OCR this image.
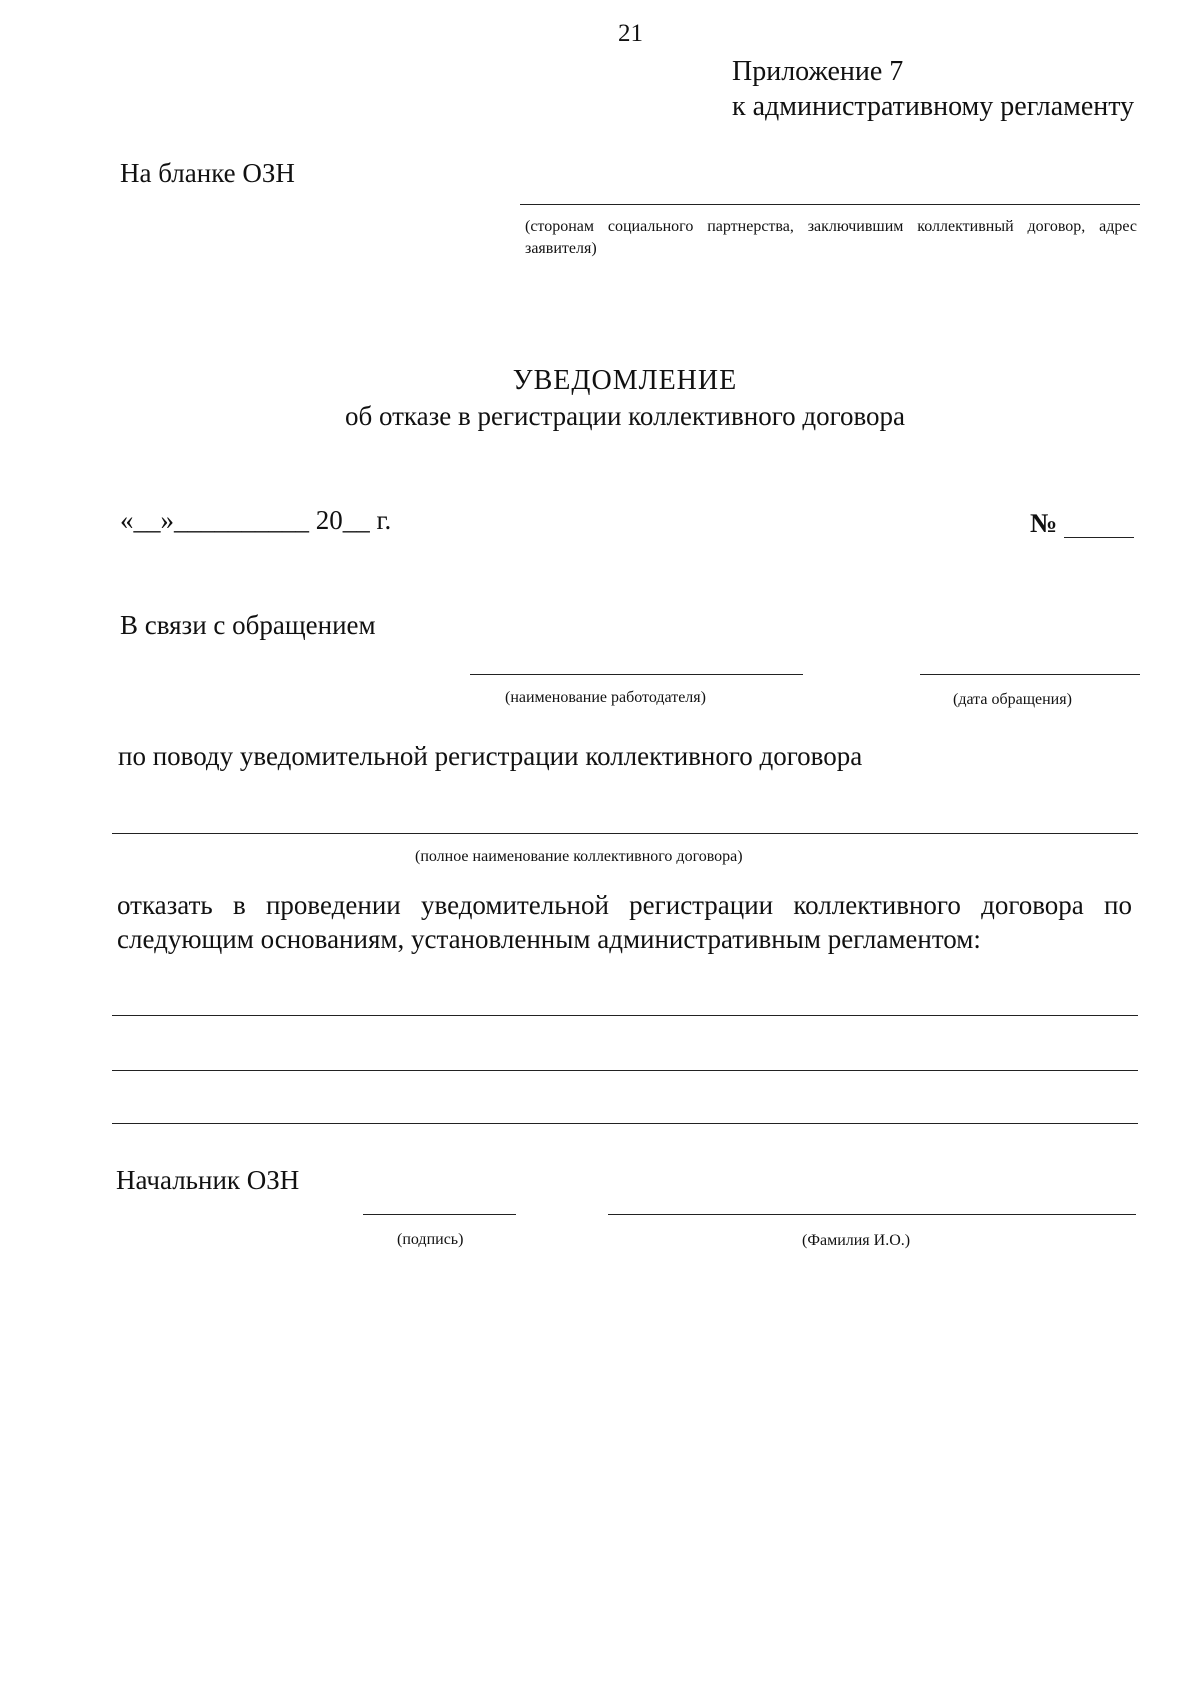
21
Приложение 7
к административному регламенту
На бланке ОЗН
(сторонам социального партнерства, заключившим коллективный договор, адрес заявителя)
УВЕДОМЛЕНИЕ
об отказе в регистрации коллективного договора
«__»__________ 20__ г.	№
В связи с обращением
(наименование работодателя)	(дата обращения)
по поводу уведомительной регистрации коллективного договора
(полное наименование коллективного договора)
отказать в проведении уведомительной регистрации коллективного договора по следующим основаниям, установленным административным регламентом:
Начальник ОЗН
(подпись)	(Фамилия И.О.)
